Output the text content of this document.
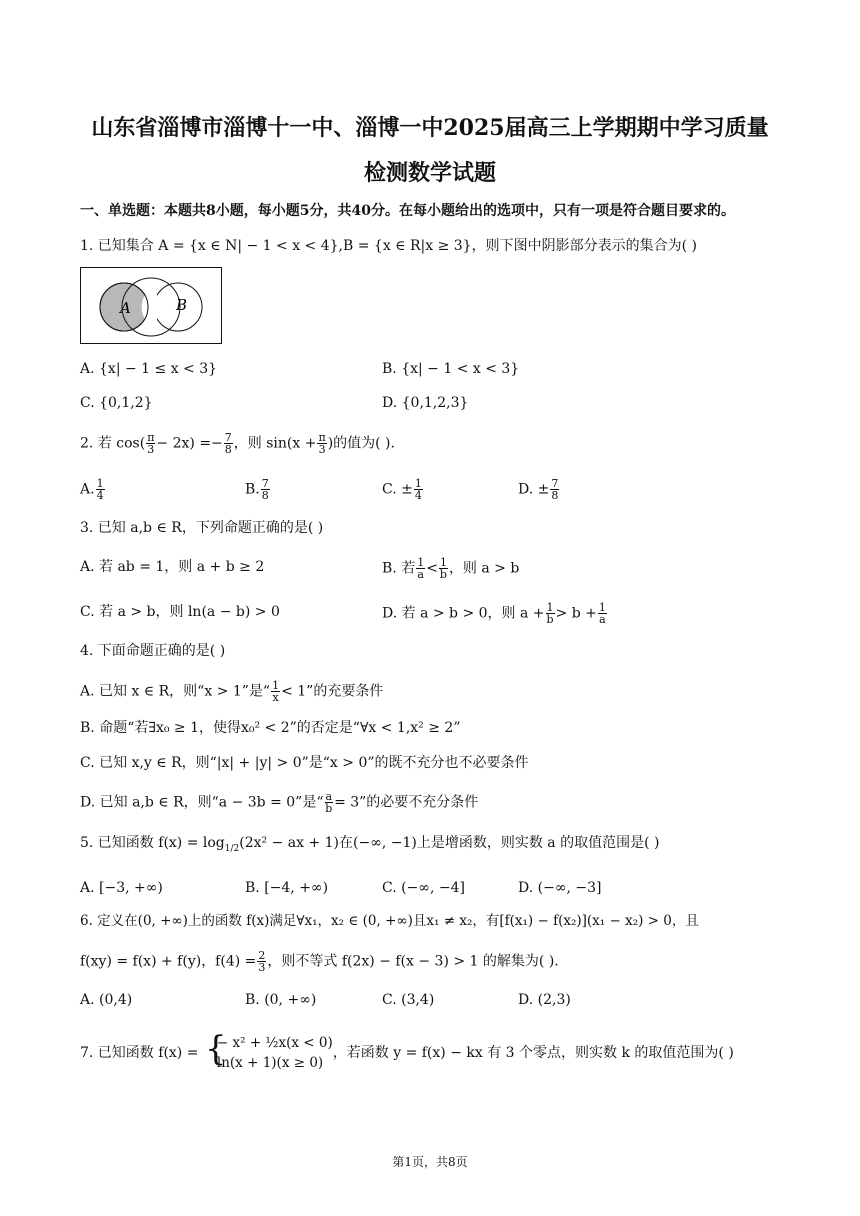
山东省淄博市淄博十一中、淄博一中2025届高三上学期期中学习质量
检测数学试题
一、单选题：本题共8小题，每小题5分，共40分。在每小题给出的选项中，只有一项是符合题目要求的。
1. 已知集合 A = {x ∈ N| − 1 < x < 4},B = {x ∈ R|x ≥ 3}，则下图中阴影部分表示的集合为( )
A	B
A. {x| − 1 ≤ x < 3}	B. {x| − 1 < x < 3}
C. {0,1,2}	D. {0,1,2,3}
2. 若 $\cos( \frac{\pi}{3} - 2x) =- \frac{7}{8}$ ，则 $\sin(x + \frac{\pi}{3}$ )的值为( ).
A. $\frac{1}{4}$	B. $\frac{7}{8}$	C. ± $\frac{1}{4}$	D. ± $\frac{7}{8}$
3. 已知 a,b ∈ R，下列命题正确的是( )
A. 若 ab = 1，则 a + b ≥ 2	B. 若 $\frac{1}{a} < \frac{1}{b}$ ，则 a > b
C. 若 a > b，则 ln(a − b) > 0	D. 若 a > b > 0，则 $a + \frac{1}{b} > b + \frac{1}{a}$
4. 下面命题正确的是( )
A. 已知 x ∈ R，则“x > 1”是“ $\frac{1}{x} < 1$”的充要条件
B. 命题“若∃x₀ ≥ 1，使得x₀² < 2”的否定是“∀x < 1,x² ≥ 2”
C. 已知 x,y ∈ R，则“|x| + |y| > 0”是“x > 0”的既不充分也不必要条件
D. 已知 a,b ∈ R，则“a − 3b = 0”是“ $\frac{a}{b} = 3$”的必要不充分条件
5. 已知函数 $f(x) = \log_{1/2}(2x^2$ − ax + 1)在(−∞, −1)上是增函数，则实数 a 的取值范围是( )
A. [−3, +∞)	B. [−4, +∞)	C. (−∞, −4]	D. (−∞, −3]
6. 定义在(0, +∞)上的函数 f(x)满足∀x₁，x₂ ∈ (0, +∞)且x₁ ≠ x₂，有[f(x₁) − f(x₂)](x₁ − x₂) > 0，且
f(xy) = f(x) + f(y)，$f(4) = \frac{2}{3}$ ，则不等式 f(2x) − f(x − 3) > 1 的解集为( ).
A. (0,4)	B. (0, +∞)	C. (3,4)	D. (2,3)
7. 已知函数 f(x) =
{ − x² + ½x(x < 0)
ln(x + 1)(x ≥ 0)
，若函数 y = f(x) − kx 有 3 个零点，则实数 k 的取值范围为( )
第1页，共8页
